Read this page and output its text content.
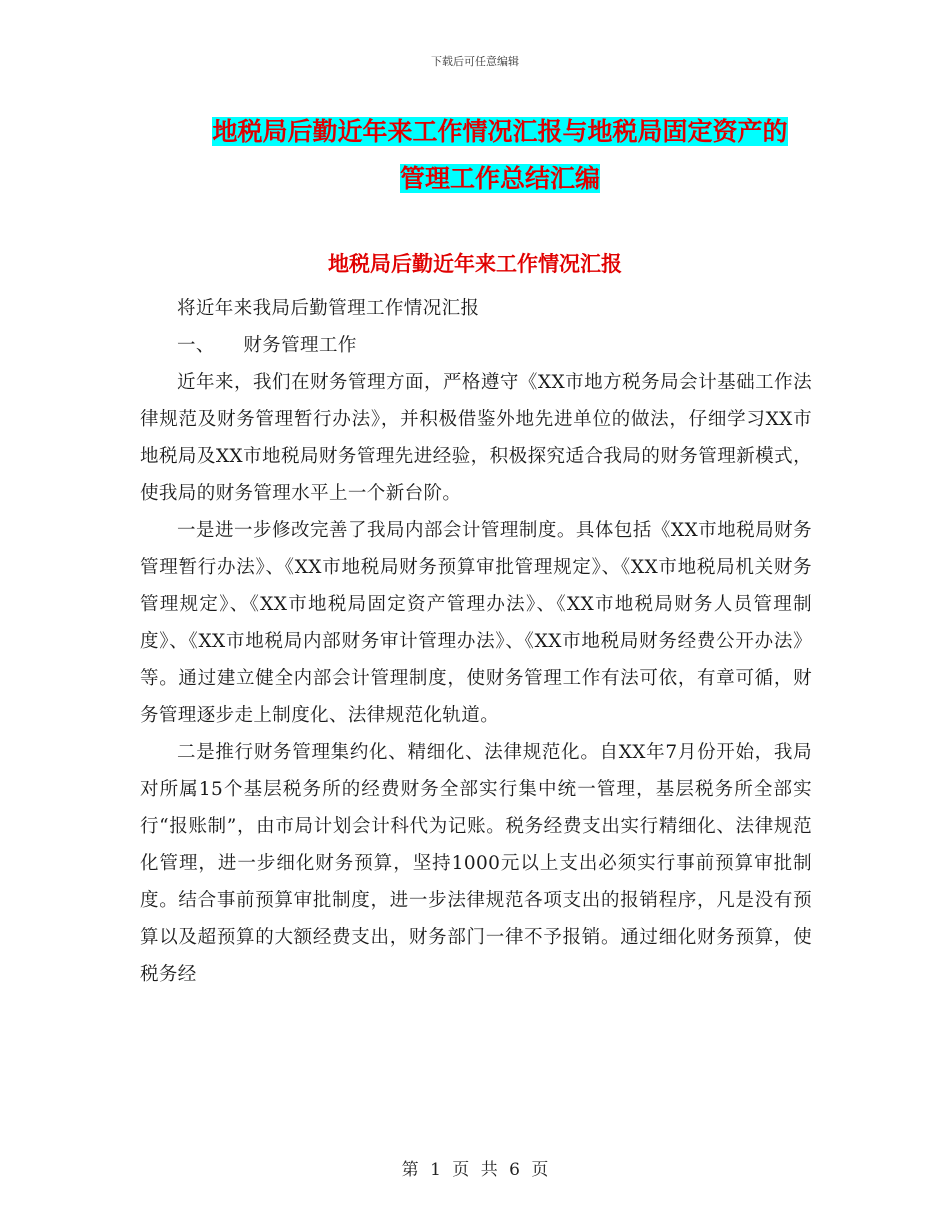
下载后可任意编辑
地税局后勤近年来工作情况汇报与地税局固定资产的
管理工作总结汇编
地税局后勤近年来工作情况汇报

将近年来我局后勤管理工作情况汇报

一、　　财务管理工作

近年来，我们在财务管理方面，严格遵守《XX市地方税务局会计基础工作法律规范及财务管理暂行办法》，并积极借鉴外地先进单位的做法，仔细学习XX市地税局及XX市地税局财务管理先进经验，积极探究适合我局的财务管理新模式，使我局的财务管理水平上一个新台阶。

一是进一步修改完善了我局内部会计管理制度。具体包括《XX市地税局财务管理暂行办法》、《XX市地税局财务预算审批管理规定》、《XX市地税局机关财务管理规定》、《XX市地税局固定资产管理办法》、《XX市地税局财务人员管理制度》、《XX市地税局内部财务审计管理办法》、《XX市地税局财务经费公开办法》等。通过建立健全内部会计管理制度，使财务管理工作有法可依，有章可循，财务管理逐步走上制度化、法律规范化轨道。

二是推行财务管理集约化、精细化、法律规范化。自XX年7月份开始，我局对所属15个基层税务所的经费财务全部实行集中统一管理，基层税务所全部实行“报账制”，由市局计划会计科代为记账。税务经费支出实行精细化、法律规范化管理，进一步细化财务预算，坚持1000元以上支出必须实行事前预算审批制度。结合事前预算审批制度，进一步法律规范各项支出的报销程序，凡是没有预算以及超预算的大额经费支出，财务部门一律不予报销。通过细化财务预算，使税务经

第 1 页 共 6 页
